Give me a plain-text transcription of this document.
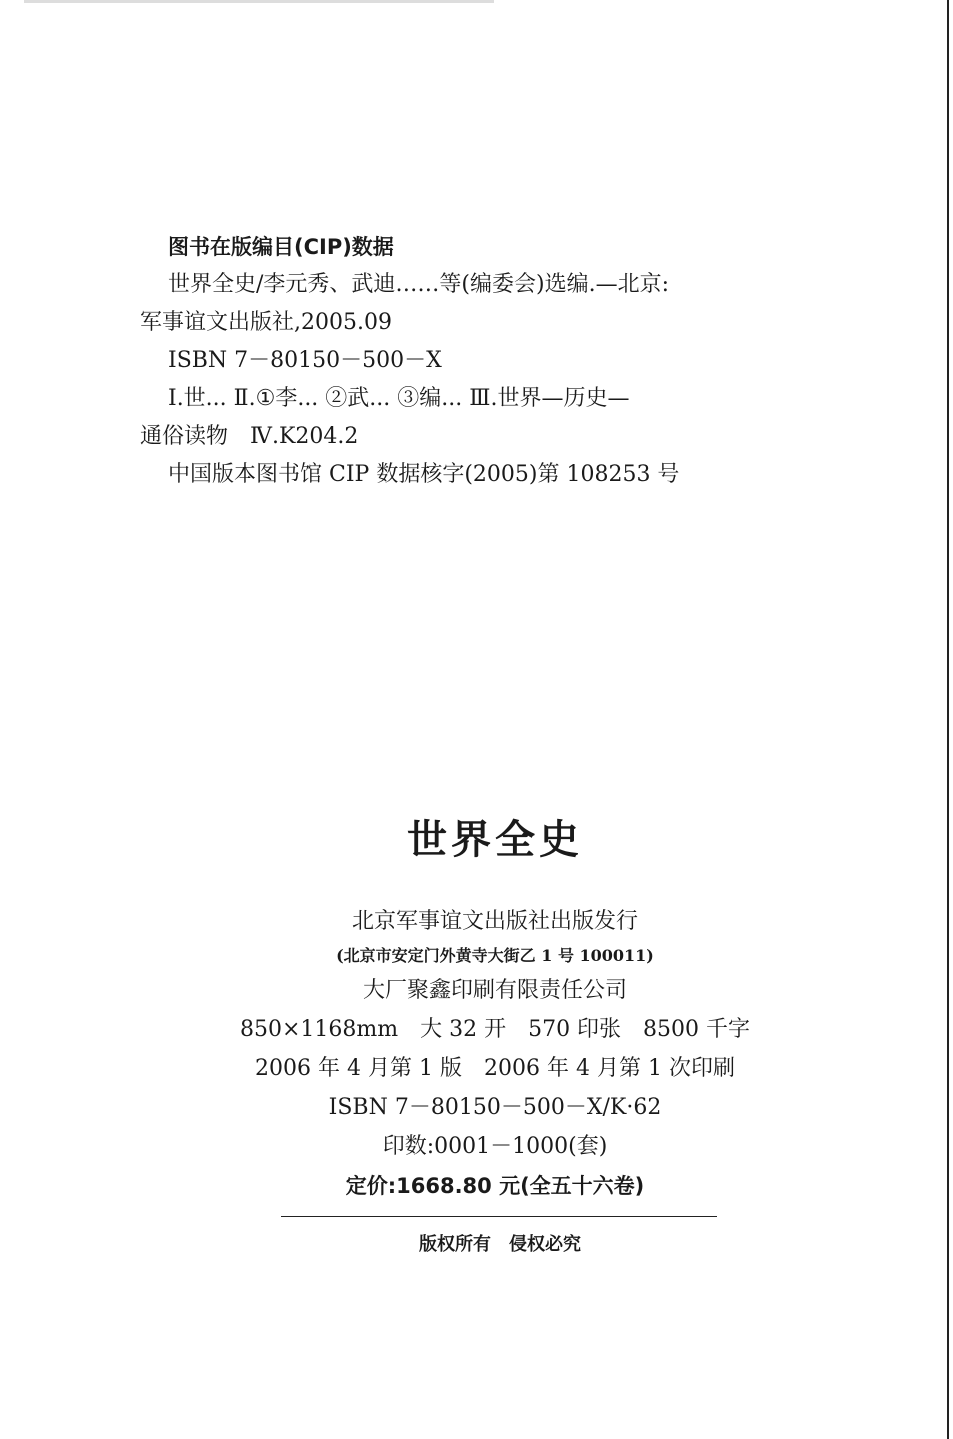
图书在版编目(CIP)数据
世界全史/李元秀、武迪……等(编委会)选编.—北京:
军事谊文出版社,2005.09
ISBN 7－80150－500－X
Ⅰ.世... Ⅱ.①李... ②武... ③编... Ⅲ.世界—历史—
通俗读物　Ⅳ.K204.2
中国版本图书馆 CIP 数据核字(2005)第 108253 号
世界全史
北京军事谊文出版社出版发行
(北京市安定门外黄寺大街乙 1 号 100011)
大厂聚鑫印刷有限责任公司
850×1168mm　大 32 开　570 印张　8500 千字
2006 年 4 月第 1 版　2006 年 4 月第 1 次印刷
ISBN 7－80150－500－X/K·62
印数:0001－1000(套)
定价:1668.80 元(全五十六卷)
版权所有　侵权必究
